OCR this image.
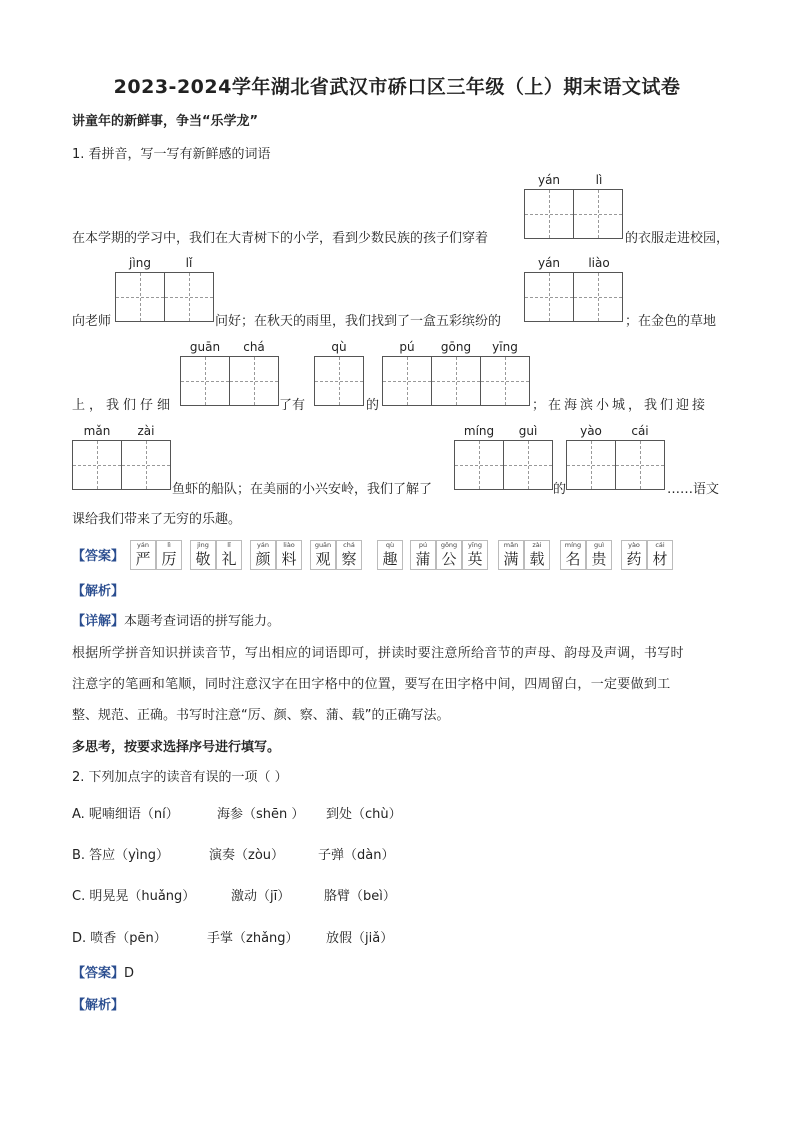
2023-2024学年湖北省武汉市硚口区三年级（上）期末语文试卷
讲童年的新鲜事，争当“乐学龙”
1. 看拼音，写一写有新鲜感的词语
yán	lì
在本学期的学习中，我们在大青树下的小学，看到少数民族的孩子们穿着	的衣服走进校园，
jìng	lǐ	yán	liào
向老师	问好；在秋天的雨里，我们找到了一盒五彩缤纷的	；在金色的草地
guān	chá	qù	pú	gōng	yīng
上，我们仔细	了有	的	；在海滨小城，我们迎接
mǎn	zài	míng	guì	yào	cái
鱼虾的船队；在美丽的小兴安岭，我们了解了	的	……语文
课给我们带来了无穷的乐趣。
【答案】
yán
严
lì
厉
jìng
敬
lǐ
礼
yán
颜
liào
料
guān
观
chá
察
qù
趣
pú
蒲
gōng
公
yīng
英
mǎn
满
zài
载
míng
名
guì
贵
yào
药
cái
材
【解析】
【详解】本题考查词语的拼写能力。
根据所学拼音知识拼读音节，写出相应的词语即可，拼读时要注意所给音节的声母、韵母及声调，书写时
注意字的笔画和笔顺，同时注意汉字在田字格中的位置，要写在田字格中间，四周留白，一定要做到工
整、规范、正确。书写时注意“厉、颜、察、蒲、载”的正确写法。
多思考，按要求选择序号进行填写。
2. 下列加点字的读音有误的一项（ ）
A. 呢喃细语（ní）	海参（shēn ） 到处（chù）
B. 答应（yìng）	演奏（zòu）	子弹（dàn）
C. 明晃晃（huǎng）	激动（jī）	胳臂（beì）
D. 喷香（pēn）	手掌（zhǎng） 放假（jiǎ）
【答案】D
【解析】
